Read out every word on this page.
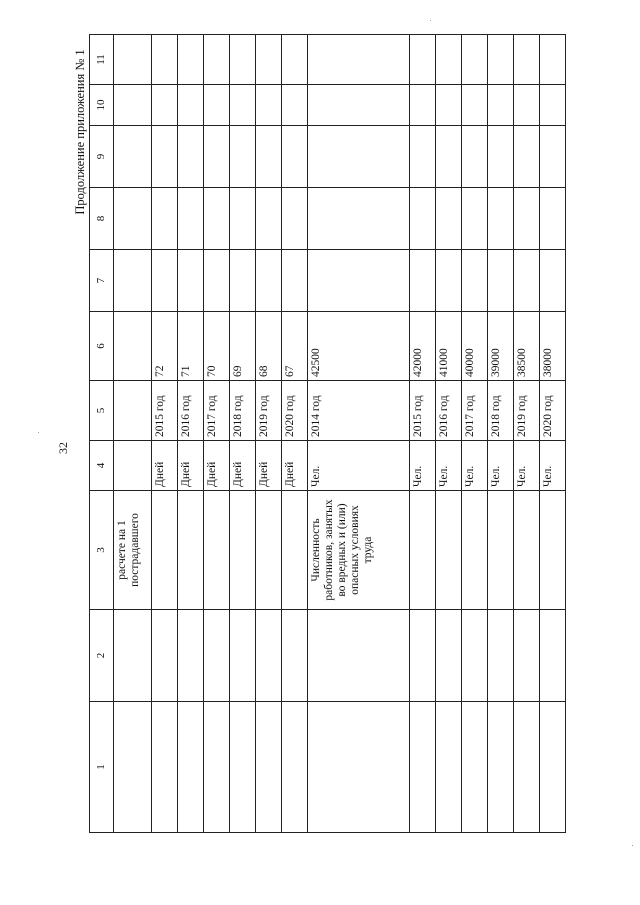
32
Продолжение приложения № 1
1	2	3	4	5	6	7	8	9	10	11
		расчете на 1 пострадавшего								
			Дней	2015 год	72					
			Дней	2016 год	71					
			Дней	2017 год	70					
			Дней	2018 год	69					
			Дней	2019 год	68					
			Дней	2020 год	67					
		Численность работников, занятых во вредных и (или) опасных условиях труда	Чел.	2014 год	42500					
			Чел.	2015 год	42000					
			Чел.	2016 год	41000					
			Чел.	2017 год	40000					
			Чел.	2018 год	39000					
			Чел.	2019 год	38500					
			Чел.	2020 год	38000					
